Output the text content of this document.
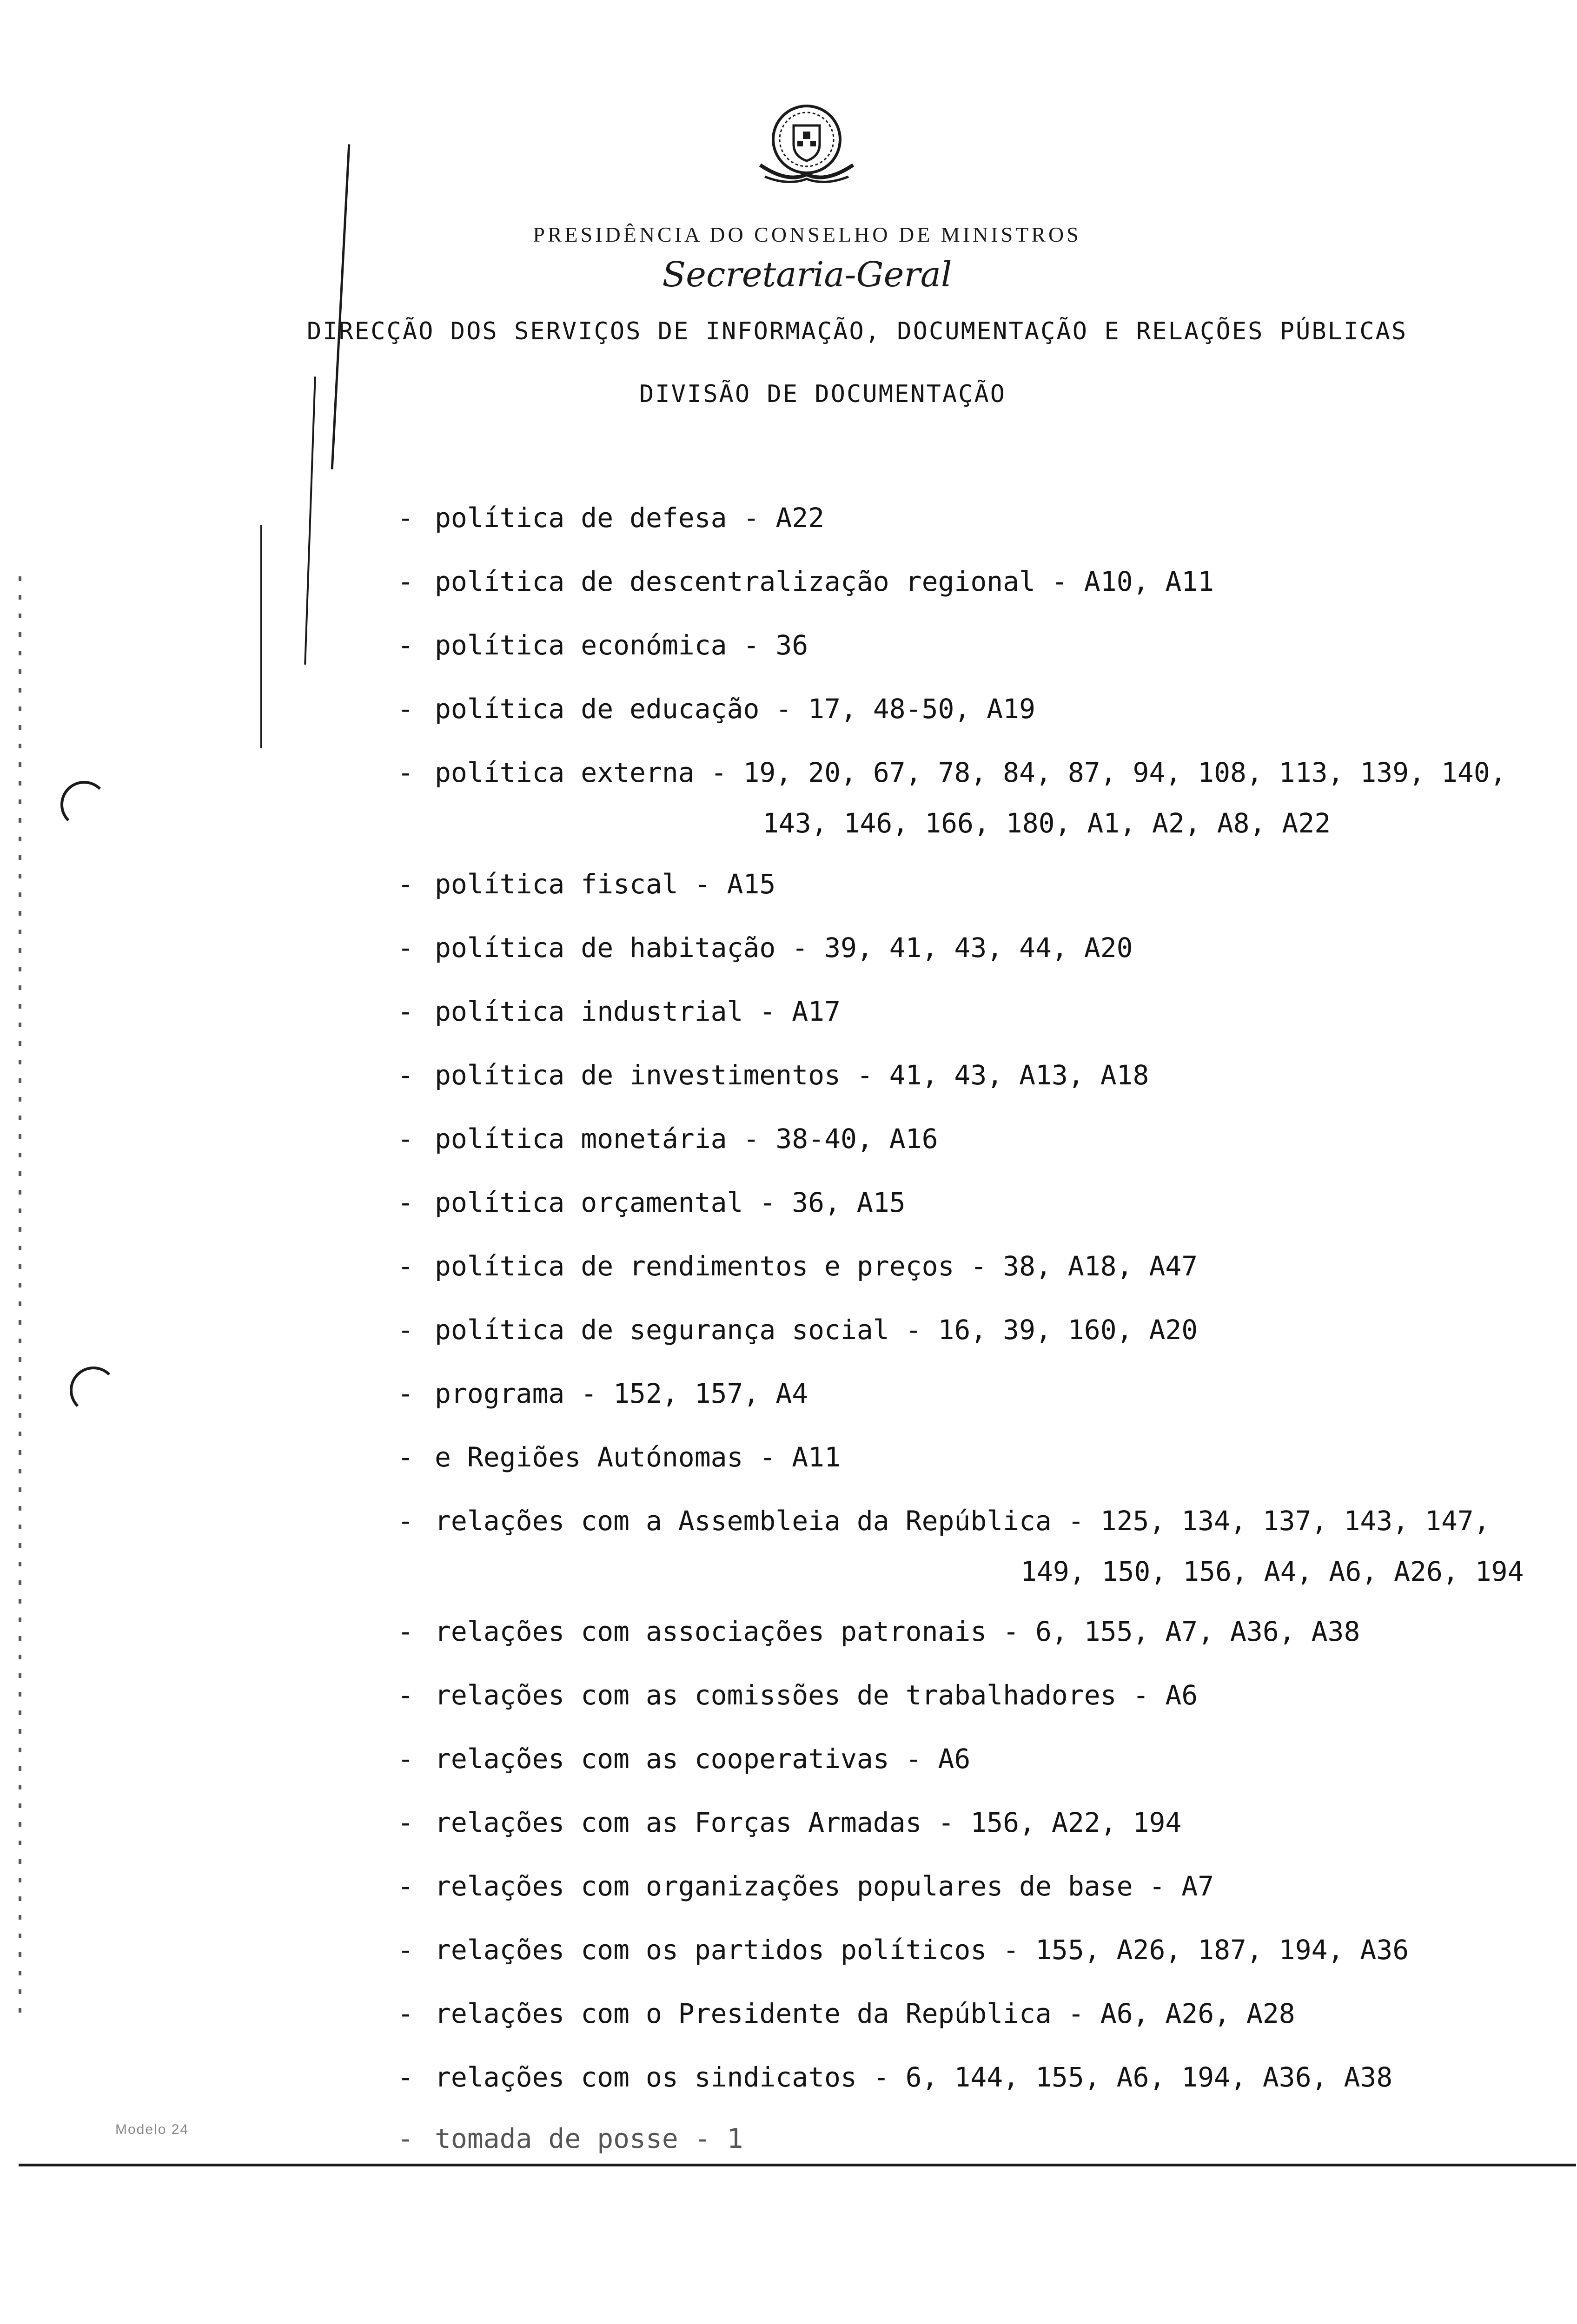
PRESIDÊNCIA DO CONSELHO DE MINISTROS
Secretaria-Geral
DIRECÇÃO DOS SERVIÇOS DE INFORMAÇÃO, DOCUMENTAÇÃO E RELAÇÕES PÚBLICAS
DIVISÃO DE DOCUMENTAÇÃO
- política de defesa - A22
- política de descentralização regional - A10, A11
- política económica - 36
- política de educação - 17, 48-50, A19
- política externa - 19, 20, 67, 78, 84, 87, 94, 108, 113, 139, 140,
143, 146, 166, 180, A1, A2, A8, A22
- política fiscal - A15
- política de habitação - 39, 41, 43, 44, A20
- política industrial - A17
- política de investimentos - 41, 43, A13, A18
- política monetária - 38-40, A16
- política orçamental - 36, A15
- política de rendimentos e preços - 38, A18, A47
- política de segurança social - 16, 39, 160, A20
- programa - 152, 157, A4
- e Regiões Autónomas - A11
- relações com a Assembleia da República - 125, 134, 137, 143, 147,
149, 150, 156, A4, A6, A26, 194
- relações com associações patronais - 6, 155, A7, A36, A38
- relações com as comissões de trabalhadores - A6
- relações com as cooperativas - A6
- relações com as Forças Armadas - 156, A22, 194
- relações com organizações populares de base - A7
- relações com os partidos políticos - 155, A26, 187, 194, A36
- relações com o Presidente da República - A6, A26, A28
- relações com os sindicatos - 6, 144, 155, A6, 194, A36, A38
- tomada de posse - 1
Modelo 24
